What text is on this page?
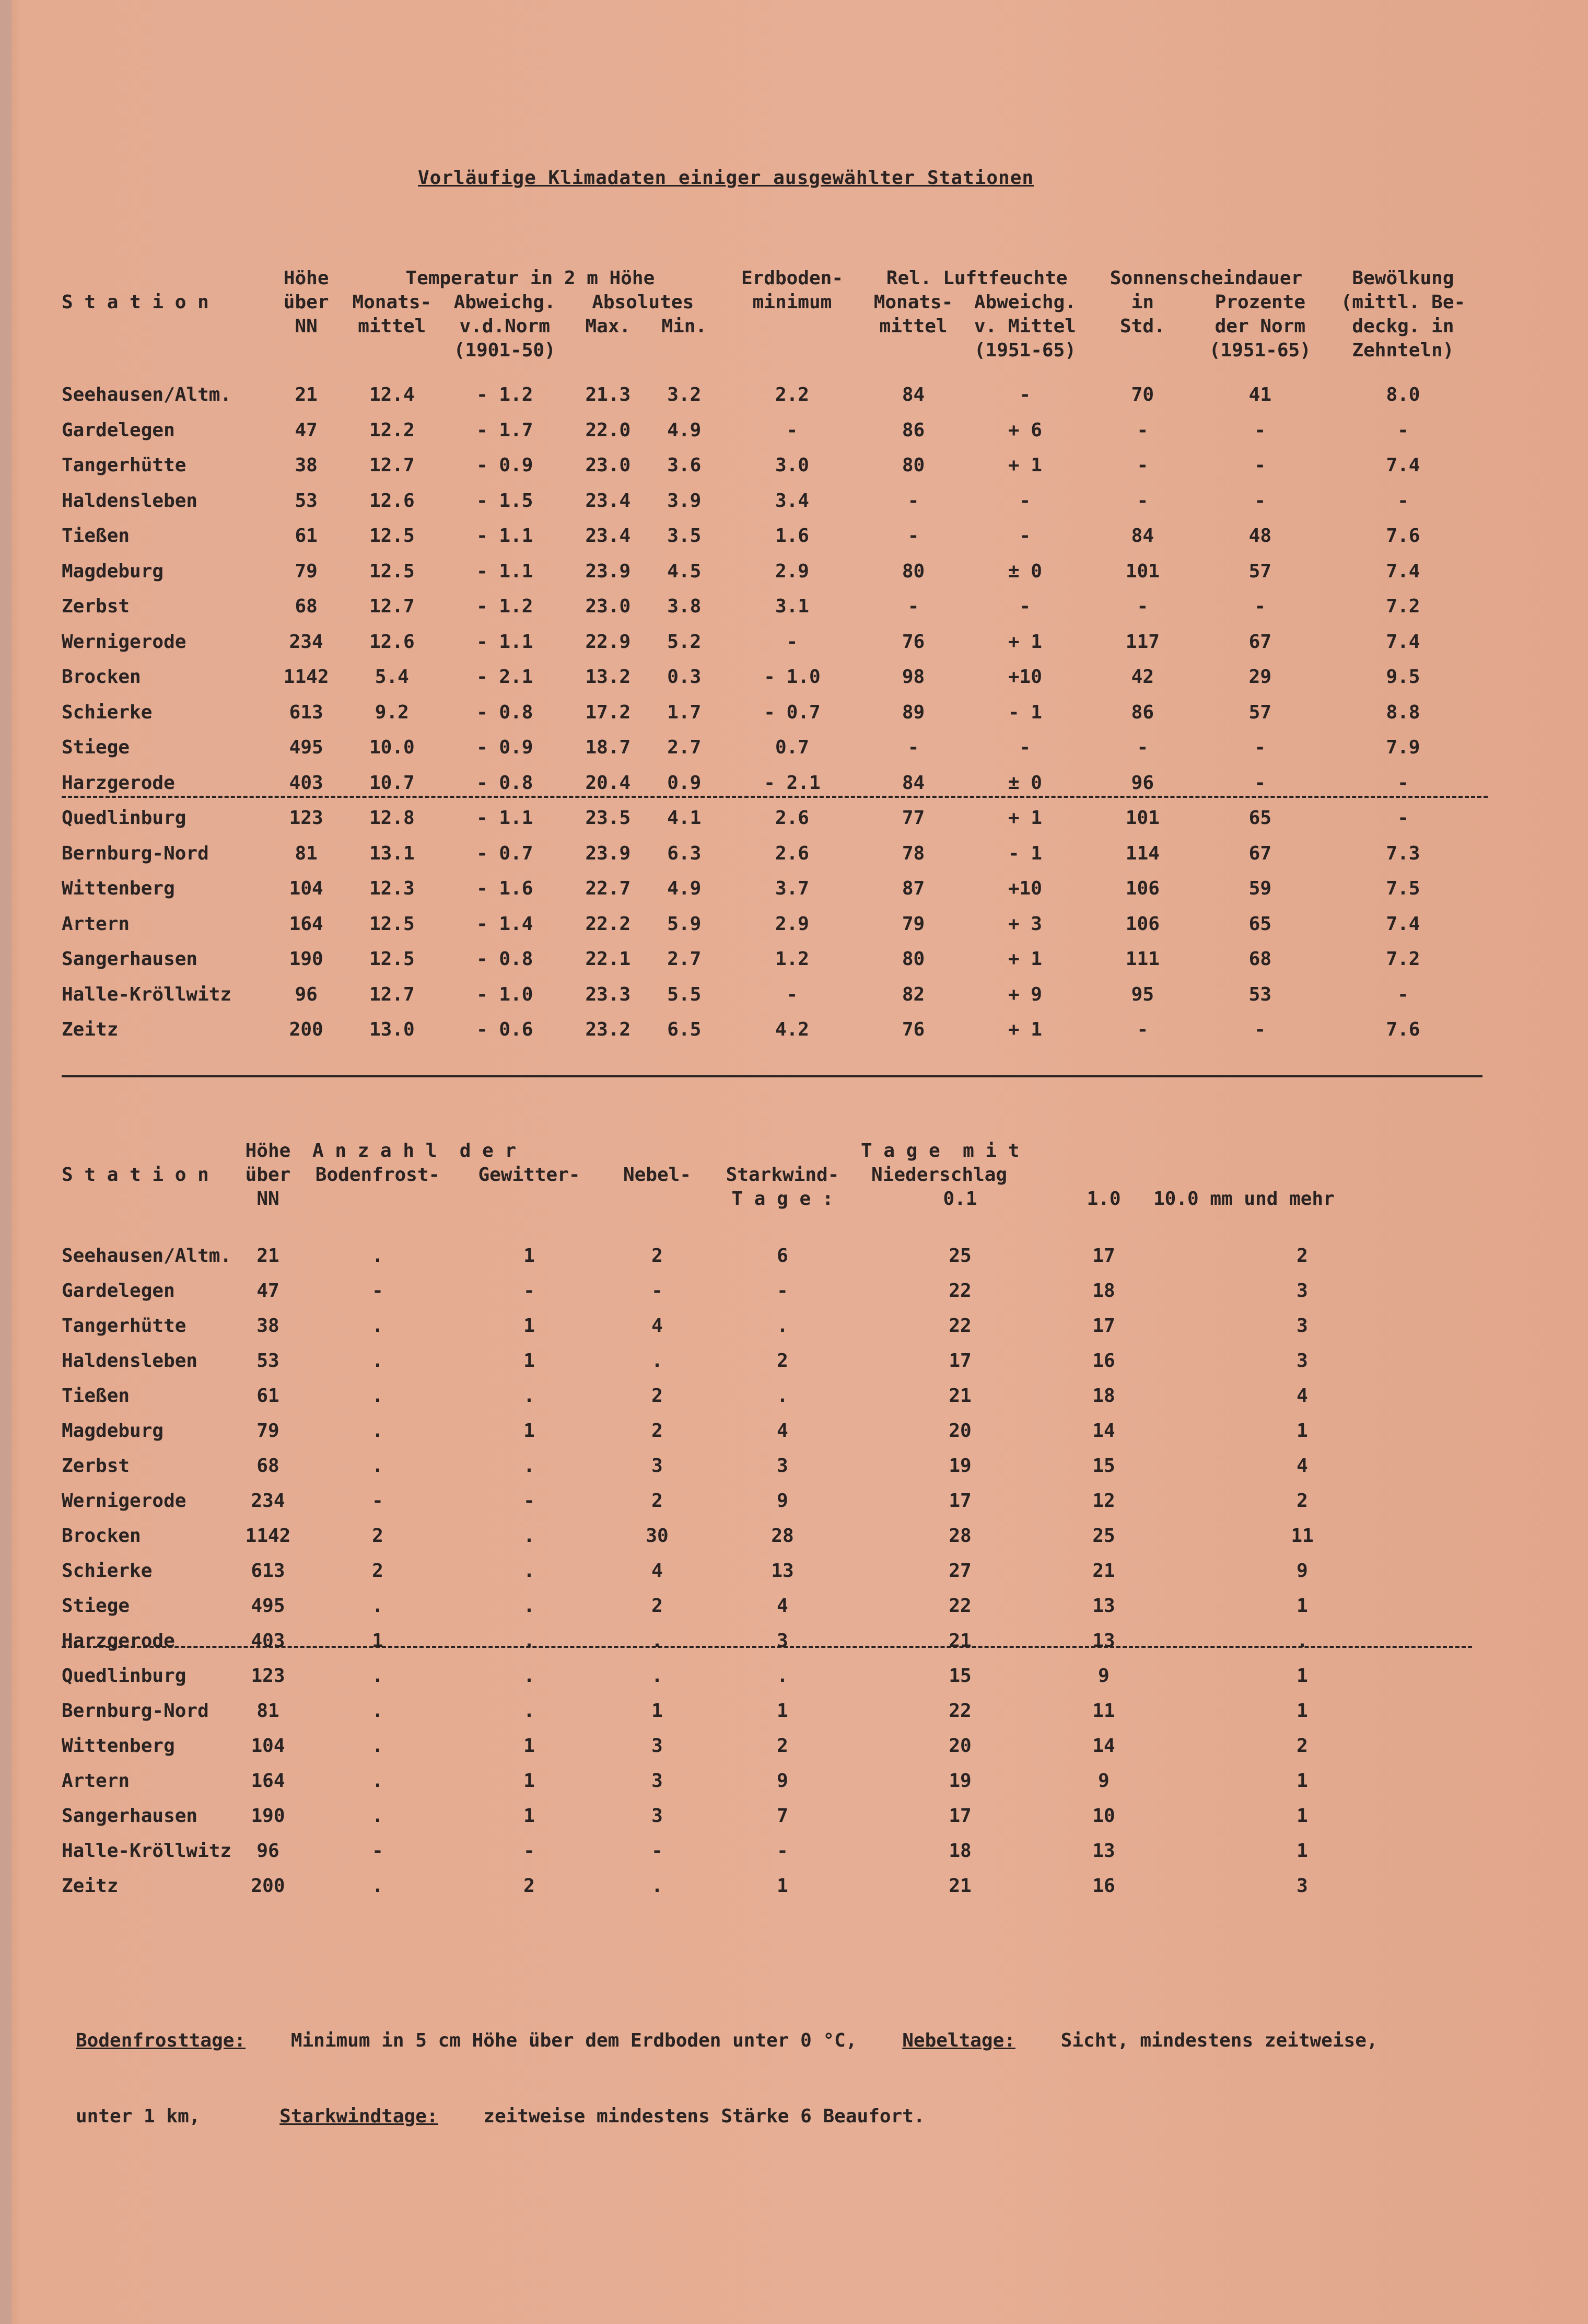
Vorläufige Klimadaten einiger ausgewählter Stationen
	Höhe	Temperatur in 2 m Höhe				Erdboden-	Rel. Luftfeuchte		Sonnenscheindauer		Bewölkung
S t a t i o n	über	Monats-	Abweichg.	Absolutes		minimum	Monats-	Abweichg.	in	Prozente	(mittl. Be-
	NN	mittel	v.d.Norm	Max.	Min.		mittel	v. Mittel	Std.	der Norm	deckg. in
			(1901-50)					(1951-65)		(1951-65)	Zehnteln)

Seehausen/Altm.	21	12.4	- 1.2	21.3	3.2	2.2	84	-	70	41	8.0
Gardelegen	47	12.2	- 1.7	22.0	4.9	-	86	+ 6	-	-	-
Tangerhütte	38	12.7	- 0.9	23.0	3.6	3.0	80	+ 1	-	-	7.4
Haldensleben	53	12.6	- 1.5	23.4	3.9	3.4	-	-	-	-	-
Tießen	61	12.5	- 1.1	23.4	3.5	1.6	-	-	84	48	7.6
Magdeburg	79	12.5	- 1.1	23.9	4.5	2.9	80	± 0	101	57	7.4
Zerbst	68	12.7	- 1.2	23.0	3.8	3.1	-	-	-	-	7.2
Wernigerode	234	12.6	- 1.1	22.9	5.2	-	76	+ 1	117	67	7.4
Brocken	1142	5.4	- 2.1	13.2	0.3	- 1.0	98	+10	42	29	9.5
Schierke	613	9.2	- 0.8	17.2	1.7	- 0.7	89	- 1	86	57	8.8
Stiege	495	10.0	- 0.9	18.7	2.7	0.7	-	-	-	-	7.9
Harzgerode	403	10.7	- 0.8	20.4	0.9	- 2.1	84	± 0	96	-	-
Quedlinburg	123	12.8	- 1.1	23.5	4.1	2.6	77	+ 1	101	65	-
Bernburg-Nord	81	13.1	- 0.7	23.9	6.3	2.6	78	- 1	114	67	7.3
Wittenberg	104	12.3	- 1.6	22.7	4.9	3.7	87	+10	106	59	7.5
Artern	164	12.5	- 1.4	22.2	5.9	2.9	79	+ 3	106	65	7.4
Sangerhausen	190	12.5	- 0.8	22.1	2.7	1.2	80	+ 1	111	68	7.2
Halle-Kröllwitz	96	12.7	- 1.0	23.3	5.5	-	82	+ 9	95	53	-
Zeitz	200	13.0	- 0.6	23.2	6.5	4.2	76	+ 1	-	-	7.6
	Höhe	A n z a h l  d e r				T a g e  m i t		
S t a t i o n	über	Bodenfrost-	Gewitter-	Nebel-	Starkwind-	Niederschlag		
	NN				T a g e :	0.1	1.0	10.0 mm und mehr

Seehausen/Altm.	21	.	1	2	6	25	17	2
Gardelegen	47	-	-	-	-	22	18	3
Tangerhütte	38	.	1	4	.	22	17	3
Haldensleben	53	.	1	.	2	17	16	3
Tießen	61	.	.	2	.	21	18	4
Magdeburg	79	.	1	2	4	20	14	1
Zerbst	68	.	.	3	3	19	15	4
Wernigerode	234	-	-	2	9	17	12	2
Brocken	1142	2	.	30	28	28	25	11
Schierke	613	2	.	4	13	27	21	9
Stiege	495	.	.	2	4	22	13	1
Harzgerode	403	1	.	.	3	21	13	.
Quedlinburg	123	.	.	.	.	15	9	1
Bernburg-Nord	81	.	.	1	1	22	11	1
Wittenberg	104	.	1	3	2	20	14	2
Artern	164	.	1	3	9	19	9	1
Sangerhausen	190	.	1	3	7	17	10	1
Halle-Kröllwitz	96	-	-	-	-	18	13	1
Zeitz	200	.	2	.	1	21	16	3
Bodenfrosttage: Minimum in 5 cm Höhe über dem Erdboden unter 0 °C, Nebeltage: Sicht, mindestens zeitweise,
unter 1 km,	Starkwindtage: zeitweise mindestens Stärke 6 Beaufort.
